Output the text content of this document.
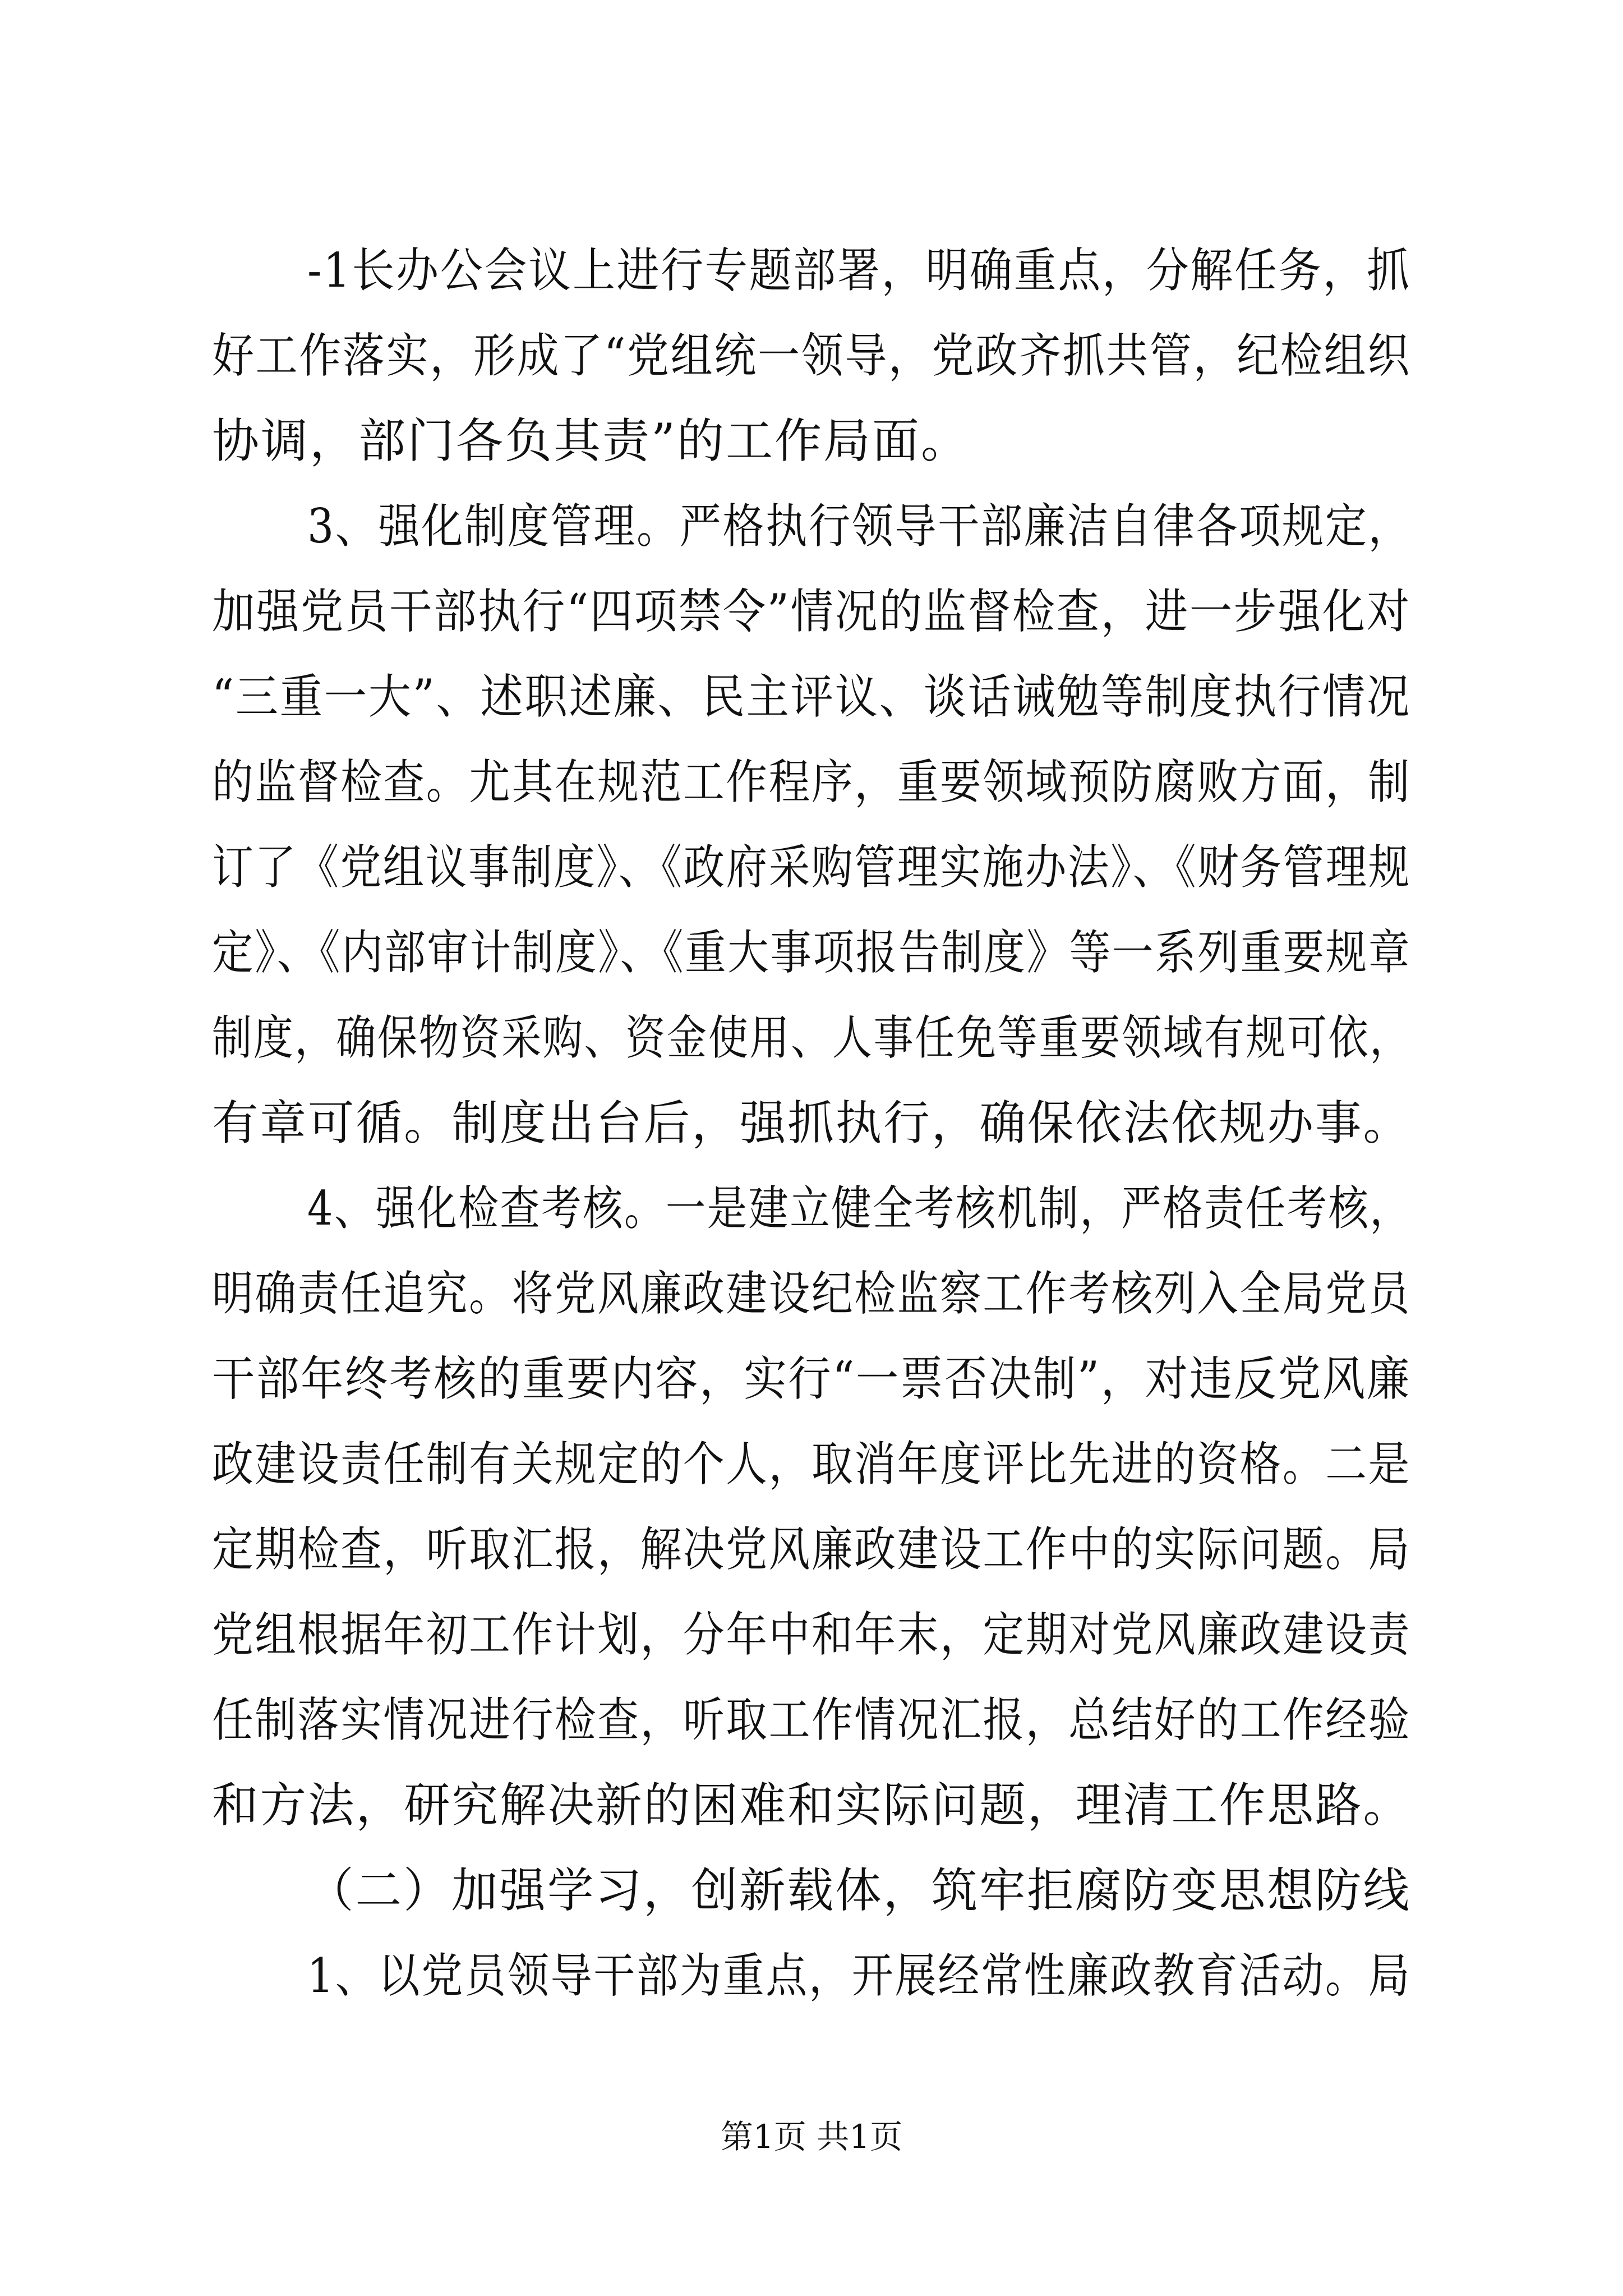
-1长办公会议上进行专题部署，明确重点，分解任务，抓
好工作落实，形成了“党组统一领导，党政齐抓共管，纪检组织
协调，部门各负其责”的工作局面。
3、强化制度管理。严格执行领导干部廉洁自律各项规定，
加强党员干部执行“四项禁令”情况的监督检查，进一步强化对
“三重一大”、述职述廉、民主评议、谈话诫勉等制度执行情况
的监督检查。尤其在规范工作程序，重要领域预防腐败方面，制
订了《党组议事制度》、《政府采购管理实施办法》、《财务管理规
定》、《内部审计制度》、《重大事项报告制度》等一系列重要规章
制度，确保物资采购、资金使用、人事任免等重要领域有规可依，
有章可循。制度出台后，强抓执行，确保依法依规办事。
4、强化检查考核。一是建立健全考核机制，严格责任考核，
明确责任追究。将党风廉政建设纪检监察工作考核列入全局党员
干部年终考核的重要内容，实行“一票否决制”，对违反党风廉
政建设责任制有关规定的个人，取消年度评比先进的资格。二是
定期检查，听取汇报，解决党风廉政建设工作中的实际问题。局
党组根据年初工作计划，分年中和年末，定期对党风廉政建设责
任制落实情况进行检查，听取工作情况汇报，总结好的工作经验
和方法，研究解决新的困难和实际问题，理清工作思路。
（二）加强学习，创新载体，筑牢拒腐防变思想防线
1、以党员领导干部为重点，开展经常性廉政教育活动。局
第1页 共1页
